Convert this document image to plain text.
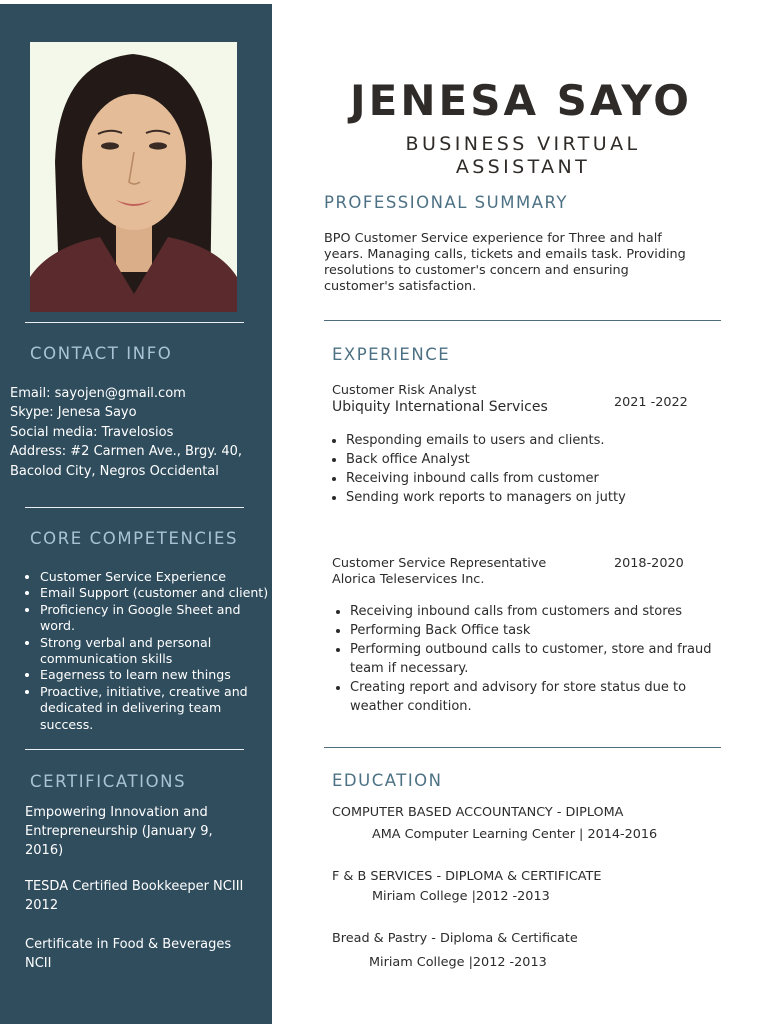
CONTACT INFO
Email: sayojen@gmail.com
Skype: Jenesa Sayo
Social media: Travelosios
Address: #2 Carmen Ave., Brgy. 40,
Bacolod City, Negros Occidental
CORE COMPETENCIES
• Customer Service Experience
• Email Support (customer and client)
• Proficiency in Google Sheet and word.
• Strong verbal and personal communication skills
• Eagerness to learn new things
• Proactive, initiative, creative and dedicated in delivering team success.
CERTIFICATIONS
Empowering Innovation and Entrepreneurship (January 9, 2016)
TESDA Certified Bookkeeper NCIII 2012
Certificate in Food & Beverages NCII
JENESA SAYO
BUSINESS VIRTUAL ASSISTANT
PROFESSIONAL SUMMARY

BPO Customer Service experience for Three and half years. Managing calls, tickets and emails task. Providing resolutions to customer's concern and ensuring customer's satisfaction.

EXPERIENCE
Customer Risk Analyst
Ubiquity International Services	2021 -2022
• Responding emails to users and clients.
• Back office Analyst
• Receiving inbound calls from customer
• Sending work reports to managers on jutty
Customer Service Representative
Alorica Teleservices Inc.
2018-2020
• Receiving inbound calls from customers and stores
• Performing Back Office task
• Performing outbound calls to customer, store and fraud team if necessary.
• Creating report and advisory for store status due to weather condition.
EDUCATION
COMPUTER BASED ACCOUNTANCY - DIPLOMA
AMA Computer Learning Center | 2014-2016
F & B SERVICES - DIPLOMA & CERTIFICATE
Miriam College |2012 -2013
Bread & Pastry - Diploma & Certificate
Miriam College |2012 -2013
